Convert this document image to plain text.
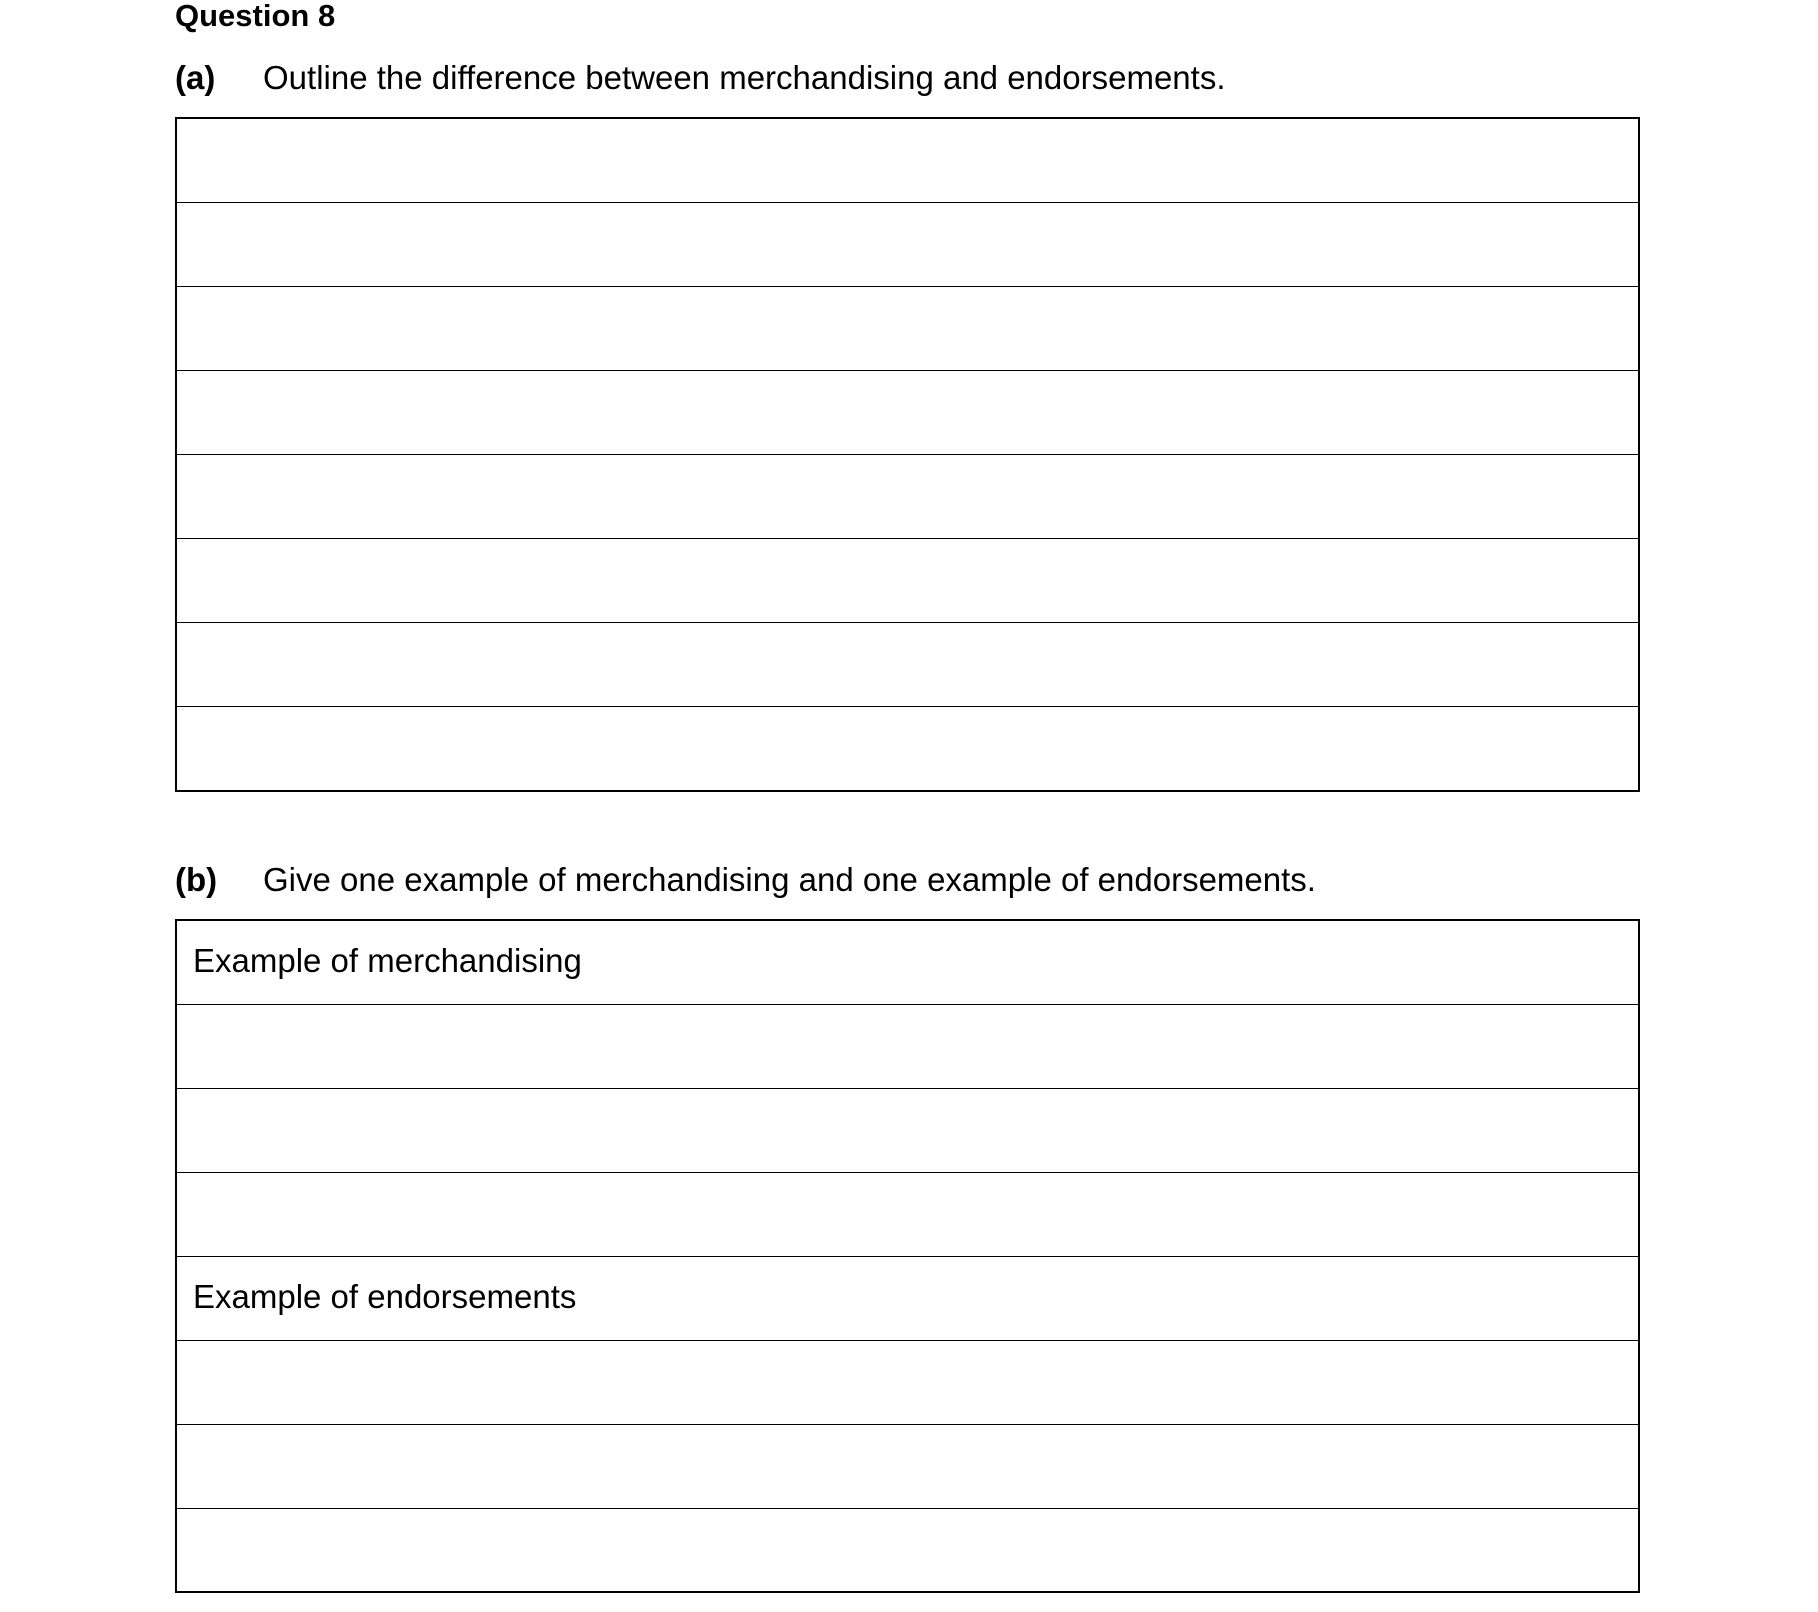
Question 8
(a) Outline the difference between merchandising and endorsements.
(b) Give one example of merchandising and one example of endorsements.
Example of merchandising
Example of endorsements
